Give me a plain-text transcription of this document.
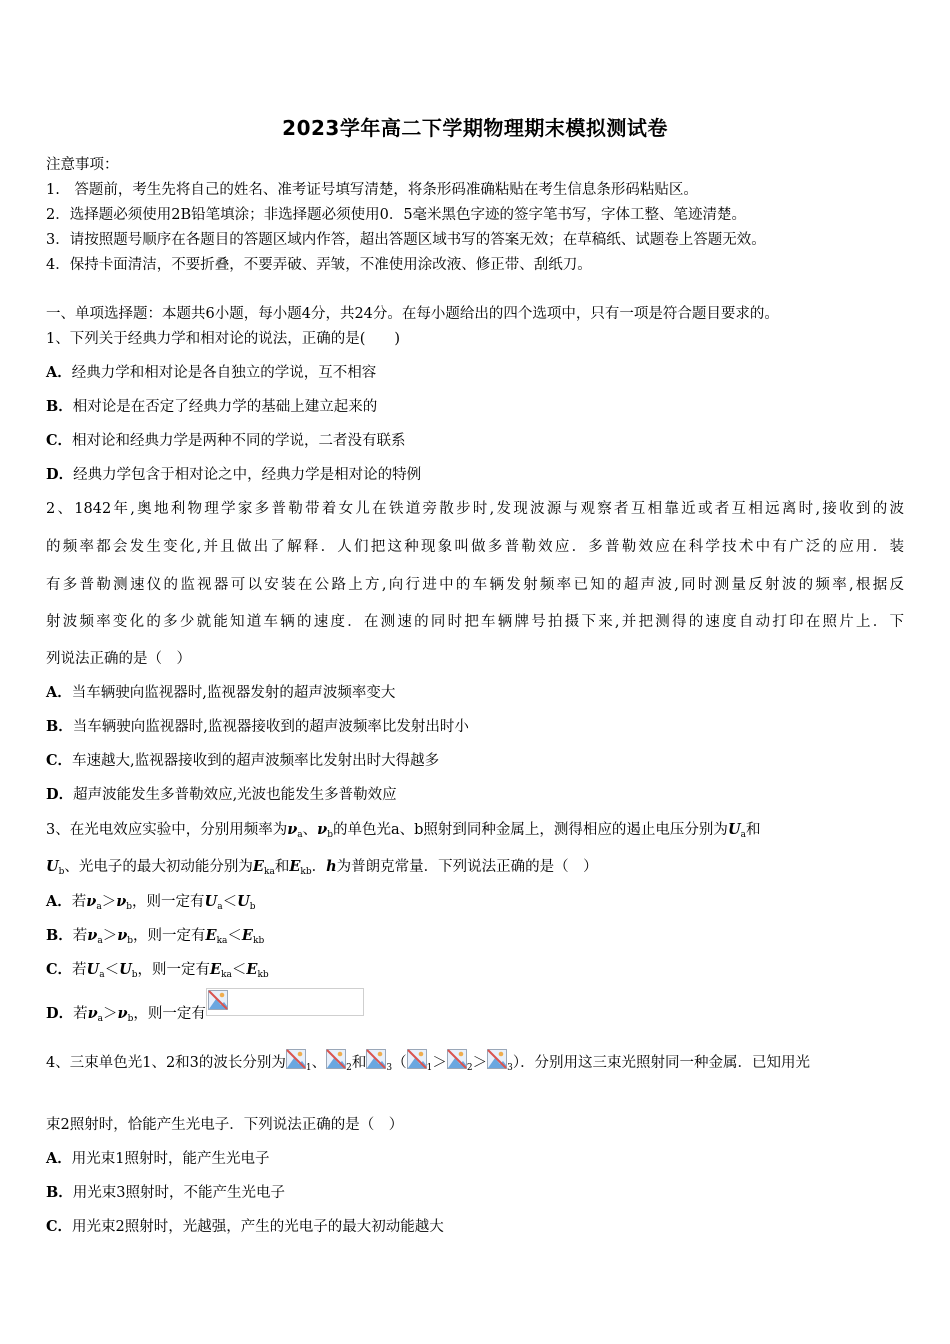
2023学年高二下学期物理期末模拟测试卷
注意事项：
1.　答题前，考生先将自己的姓名、准考证号填写清楚，将条形码准确粘贴在考生信息条形码粘贴区。
2．选择题必须使用2B铅笔填涂；非选择题必须使用0．5毫米黑色字迹的签字笔书写，字体工整、笔迹清楚。
3．请按照题号顺序在各题目的答题区域内作答，超出答题区域书写的答案无效；在草稿纸、试题卷上答题无效。
4．保持卡面清洁，不要折叠，不要弄破、弄皱，不准使用涂改液、修正带、刮纸刀。
一、单项选择题：本题共6小题，每小题4分，共24分。在每小题给出的四个选项中，只有一项是符合题目要求的。
1、下列关于经典力学和相对论的说法，正确的是(　　)
A．经典力学和相对论是各自独立的学说，互不相容
B．相对论是在否定了经典力学的基础上建立起来的
C．相对论和经典力学是两种不同的学说，二者没有联系
D．经典力学包含于相对论之中，经典力学是相对论的特例
2、1842年,奥地利物理学家多普勒带着女儿在铁道旁散步时,发现波源与观察者互相靠近或者互相远离时,接收到的波
的频率都会发生变化,并且做出了解释．人们把这种现象叫做多普勒效应．多普勒效应在科学技术中有广泛的应用．装
有多普勒测速仪的监视器可以安装在公路上方,向行进中的车辆发射频率已知的超声波,同时测量反射波的频率,根据反
射波频率变化的多少就能知道车辆的速度．在测速的同时把车辆牌号拍摄下来,并把测得的速度自动打印在照片上．下
列说法正确的是（　）
A．当车辆驶向监视器时,监视器发射的超声波频率变大
B．当车辆驶向监视器时,监视器接收到的超声波频率比发射出时小
C．车速越大,监视器接收到的超声波频率比发射出时大得越多
D．超声波能发生多普勒效应,光波也能发生多普勒效应
3、在光电效应实验中，分别用频率为$\nu_a$、$\nu_b$的单色光a、b照射到同种金属上，测得相应的遏止电压分别为$U_a$和
$U_b$、光电子的最大初动能分别为$E_{ka}$和$E_{kb}$．h为普朗克常量．下列说法正确的是（　）
A．若$\nu_a>\nu_b$，则一定有$U_a<U_b$
B．若$\nu_a>\nu_b$，则一定有$E_{ka}<E_{kb}$
C．若$U_a<U_b$，则一定有$E_{ka}<E_{kb}$
D．若$\nu_a>\nu_b$，则一定有
4、三束单色光1、2和3的波长分别为 $_1$、 $_2$和 $_3$（ $_1$＞ $_2$＞ $_3$）．分别用这三束光照射同一种金属．已知用光
束2照射时，恰能产生光电子．下列说法正确的是（　）
A．用光束1照射时，能产生光电子
B．用光束3照射时，不能产生光电子
C．用光束2照射时，光越强，产生的光电子的最大初动能越大
